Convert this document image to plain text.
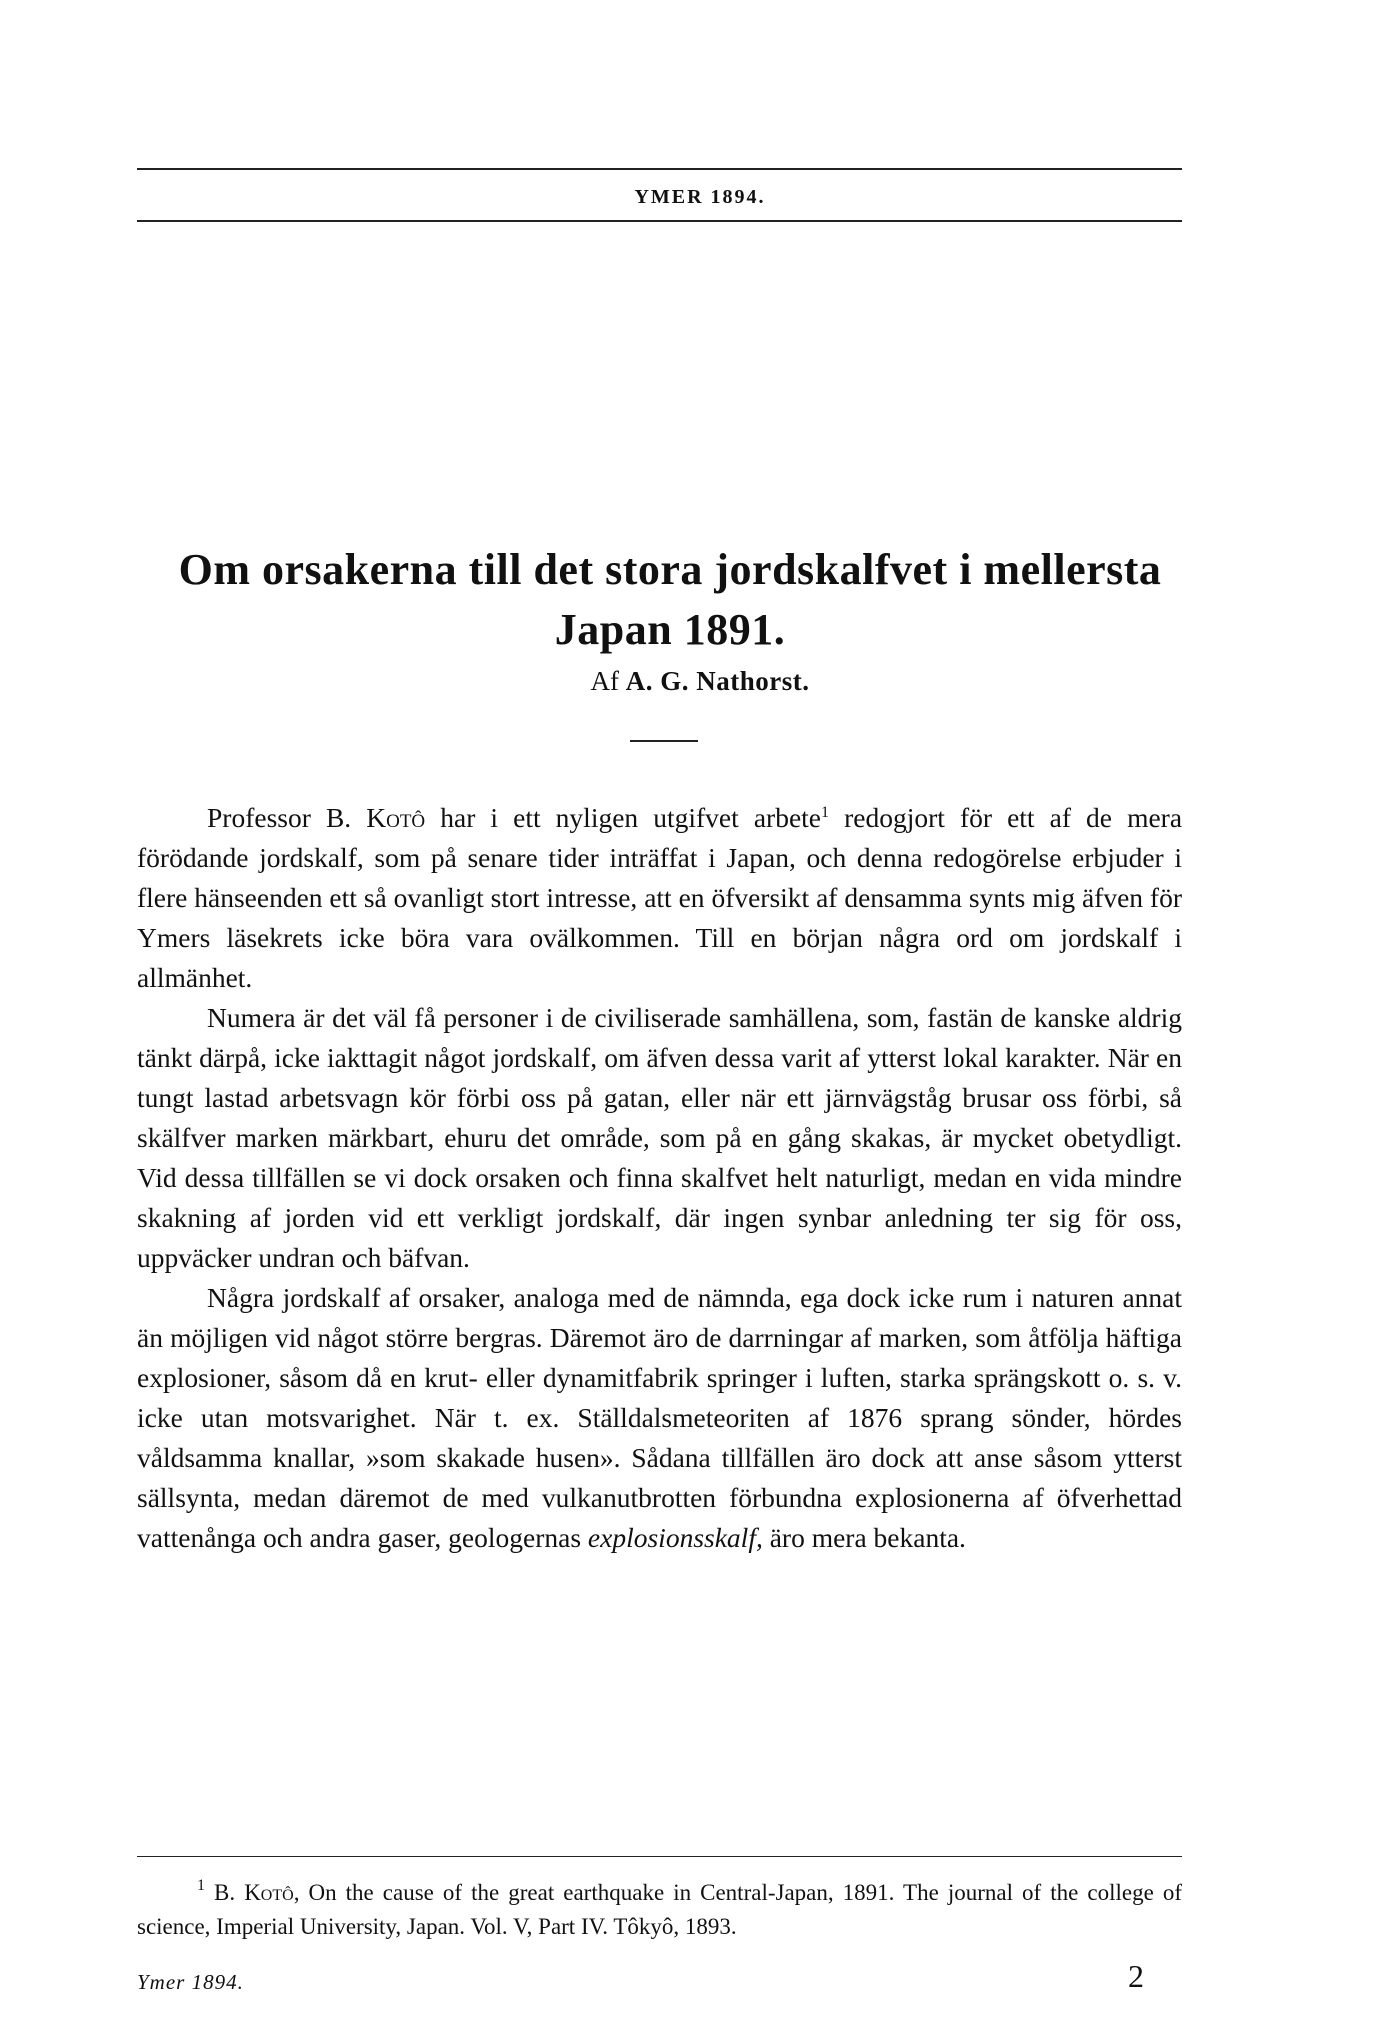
YMER 1894.
Om orsakerna till det stora jordskalfvet i mellersta
Japan 1891.
Af A. G. Nathorst.

Professor B. Kotô har i ett nyligen utgifvet arbete$^1$ redogjort för ett af de mera förödande jordskalf, som på senare tider inträffat i Japan, och denna redogörelse erbjuder i flere hänseenden ett så ovanligt stort intresse, att en öfversikt af densamma synts mig äfven för Ymers läsekrets icke böra vara ovälkommen. Till en början några ord om jordskalf i allmänhet.

Numera är det väl få personer i de civiliserade samhällena, som, fastän de kanske aldrig tänkt därpå, icke iakttagit något jordskalf, om äfven dessa varit af ytterst lokal karakter. När en tungt lastad arbetsvagn kör förbi oss på gatan, eller när ett järnvägståg brusar oss förbi, så skälfver marken märkbart, ehuru det område, som på en gång skakas, är mycket obetydligt. Vid dessa tillfällen se vi dock orsaken och finna skalfvet helt naturligt, medan en vida mindre skakning af jorden vid ett verkligt jordskalf, där ingen synbar anledning ter sig för oss, uppväcker undran och bäfvan.

Några jordskalf af orsaker, analoga med de nämnda, ega dock icke rum i naturen annat än möjligen vid något större bergras. Däremot äro de darrningar af marken, som åtfölja häftiga explosioner, såsom då en krut- eller dynamitfabrik springer i luften, starka sprängskott o. s. v. icke utan motsvarighet. När t. ex. Ställdalsmeteoriten af 1876 sprang sönder, hördes våldsamma knallar, »som skakade husen». Sådana tillfällen äro dock att anse såsom ytterst sällsynta, medan däremot de med vulkanutbrotten förbundna explosionerna af öfverhettad vattenånga och andra gaser, geologernas explosionsskalf, äro mera bekanta.

$^1$ B. Kotô, On the cause of the great earthquake in Central-Japan, 1891. The journal of the college of science, Imperial University, Japan. Vol. V, Part IV. Tôkyô, 1893.

Ymer 1894.	2
